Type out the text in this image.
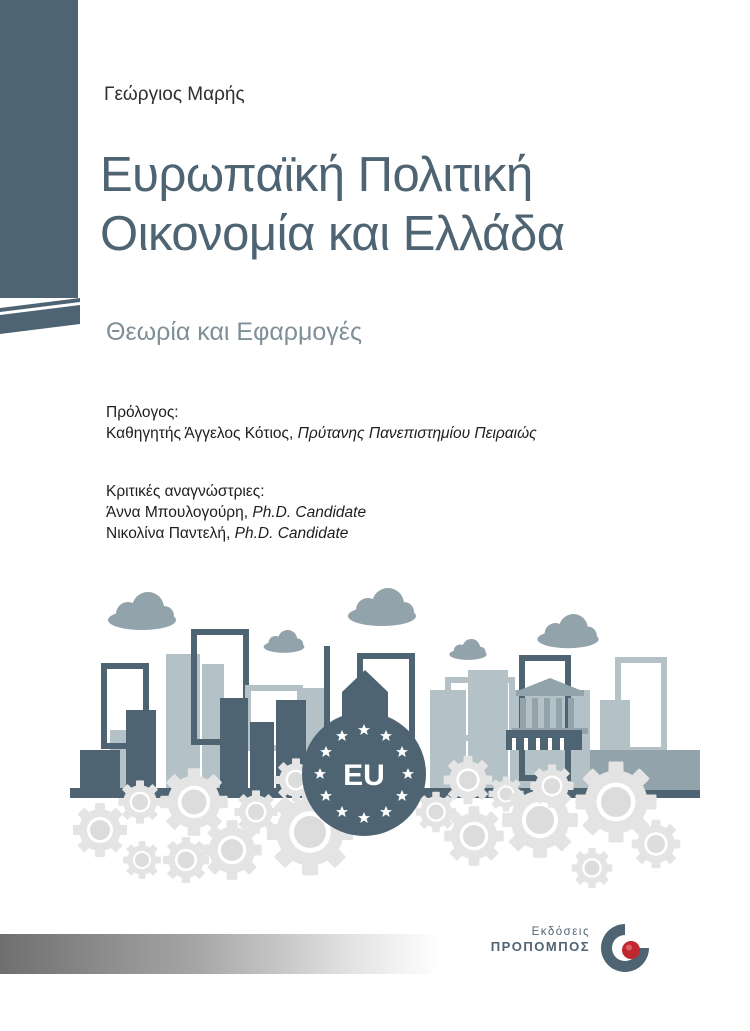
Γεώργιος Μαρής
Ευρωπαϊκή Πολιτική
Οικονομία και Ελλάδα
Θεωρία και Εφαρμογές
Πρόλογος:
Καθηγητής Άγγελος Κότιος, Πρύτανης Πανεπιστημίου Πειραιώς
Κριτικές αναγνώστριες:
Άννα Μπουλογούρη, Ph.D. Candidate
Νικολίνα Παντελή, Ph.D. Candidate
EU
Εκδόσεις
ΠΡΟΠΟΜΠΟΣ
